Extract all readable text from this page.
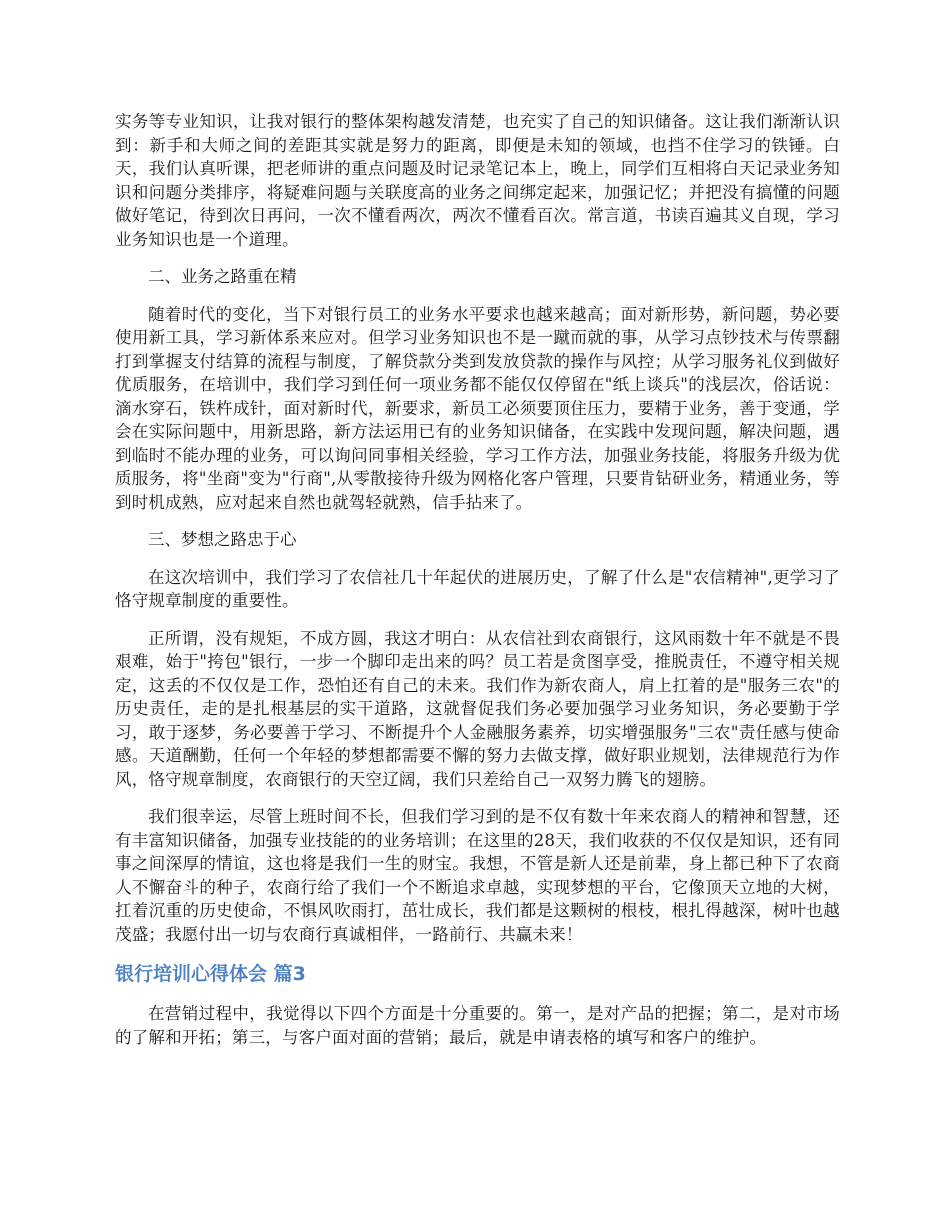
实务等专业知识，让我对银行的整体架构越发清楚，也充实了自己的知识储备。这让我们渐渐认识到：新手和大师之间的差距其实就是努力的距离，即便是未知的领域，也挡不住学习的铁锤。白天，我们认真听课，把老师讲的重点问题及时记录笔记本上，晚上，同学们互相将白天记录业务知识和问题分类排序，将疑难问题与关联度高的业务之间绑定起来，加强记忆；并把没有搞懂的问题做好笔记，待到次日再问，一次不懂看两次，两次不懂看百次。常言道，书读百遍其义自现，学习业务知识也是一个道理。

二、业务之路重在精

随着时代的变化，当下对银行员工的业务水平要求也越来越高；面对新形势，新问题，势必要使用新工具，学习新体系来应对。但学习业务知识也不是一蹴而就的事，从学习点钞技术与传票翻打到掌握支付结算的流程与制度，了解贷款分类到发放贷款的操作与风控；从学习服务礼仪到做好优质服务，在培训中，我们学习到任何一项业务都不能仅仅停留在"纸上谈兵"的浅层次，俗话说：滴水穿石，铁杵成针，面对新时代，新要求，新员工必须要顶住压力，要精于业务，善于变通，学会在实际问题中，用新思路，新方法运用已有的业务知识储备，在实践中发现问题，解决问题，遇到临时不能办理的业务，可以询问同事相关经验，学习工作方法，加强业务技能，将服务升级为优质服务，将"坐商"变为"行商",从零散接待升级为网格化客户管理，只要肯钻研业务，精通业务，等到时机成熟，应对起来自然也就驾轻就熟，信手拈来了。

三、梦想之路忠于心

在这次培训中，我们学习了农信社几十年起伏的进展历史，了解了什么是"农信精神",更学习了恪守规章制度的重要性。

正所谓，没有规矩，不成方圆，我这才明白：从农信社到农商银行，这风雨数十年不就是不畏艰难，始于"挎包"银行，一步一个脚印走出来的吗？员工若是贪图享受，推脱责任，不遵守相关规定，这丢的不仅仅是工作，恐怕还有自己的未来。我们作为新农商人，肩上扛着的是"服务三农"的历史责任，走的是扎根基层的实干道路，这就督促我们务必要加强学习业务知识，务必要勤于学习，敢于逐梦，务必要善于学习、不断提升个人金融服务素养，切实增强服务"三农"责任感与使命感。天道酬勤，任何一个年轻的梦想都需要不懈的努力去做支撑，做好职业规划，法律规范行为作风，恪守规章制度，农商银行的天空辽阔，我们只差给自己一双努力腾飞的翅膀。

我们很幸运，尽管上班时间不长，但我们学习到的是不仅有数十年来农商人的精神和智慧，还有丰富知识储备，加强专业技能的的业务培训；在这里的28天，我们收获的不仅仅是知识，还有同事之间深厚的情谊，这也将是我们一生的财宝。我想，不管是新人还是前辈，身上都已种下了农商人不懈奋斗的种子，农商行给了我们一个不断追求卓越，实现梦想的平台，它像顶天立地的大树，扛着沉重的历史使命，不惧风吹雨打，茁壮成长，我们都是这颗树的根枝，根扎得越深，树叶也越茂盛；我愿付出一切与农商行真诚相伴，一路前行、共赢未来！

银行培训心得体会 篇3

在营销过程中，我觉得以下四个方面是十分重要的。第一，是对产品的把握；第二，是对市场的了解和开拓；第三，与客户面对面的营销；最后，就是申请表格的填写和客户的维护。
